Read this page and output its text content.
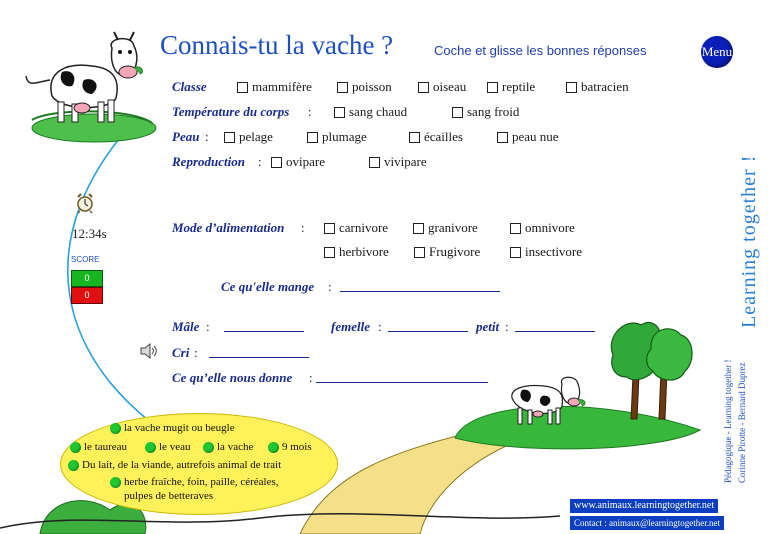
Connais-tu la vache ?	Coche et glisse les bonnes réponses	Menu
Classe	mammifère	poisson	oiseau	reptile	batracien
Température du corps :	sang chaud	sang froid
Peau : pelage	plumage	écailles	peau nue
Reproduction : ovipare	vivipare
Mode d’alimentation :	carnivore	granivore	omnivore
herbivore	Frugivore	insectivore
Ce qu'elle mange :
Mâle :	femelle :	petit :
Cri :
Ce qu’elle nous donne :
12:34s
SCORE
0
0
la vache mugit ou beugle
le taureau	le veau la vache	9 mois
Du lait, de la viande, autrefois animal de trait
herbe fraîche, foin, paille, céréales,
pulpes de betteraves
www.animaux.learningtogether.net
Contact : animaux@learningtogether.net
Learning together !
Pédagogique - Learning together ! Corinne Pirotte - Bernard Duprez
